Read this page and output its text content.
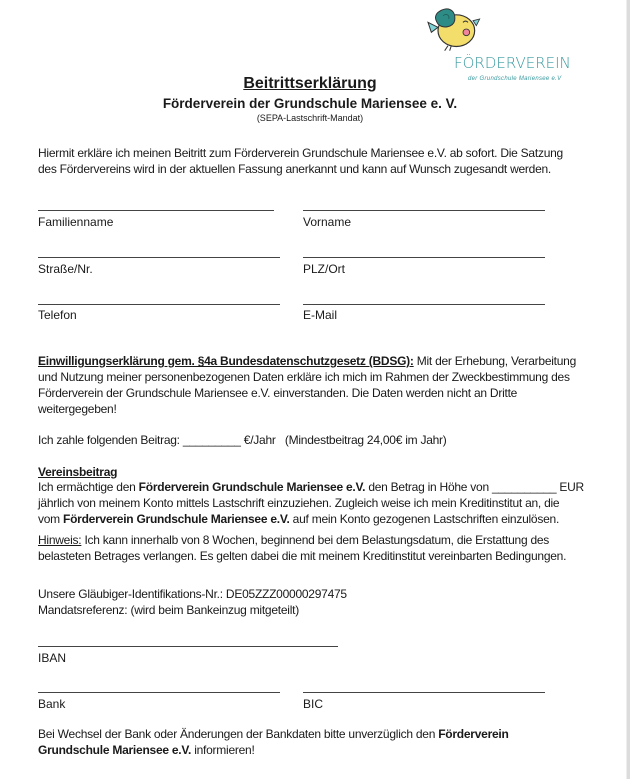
FÖRDERVEREIN
der Grundschule Mariensee e.V
Beitrittserklärung
Förderverein der Grundschule Mariensee e. V.
(SEPA-Lastschrift-Mandat)
Hiermit erkläre ich meinen Beitritt zum Förderverein Grundschule Mariensee e.V. ab sofort. Die Satzung
des Fördervereins wird in der aktuellen Fassung anerkannt und kann auf Wunsch zugesandt werden.
Familienname	Vorname
Straße/Nr.	PLZ/Ort
Telefon	E-Mail
Einwilligungserklärung gem. §4a Bundesdatenschutzgesetz (BDSG): Mit der Erhebung, Verarbeitung
und Nutzung meiner personenbezogenen Daten erkläre ich mich im Rahmen der Zweckbestimmung des
Förderverein der Grundschule Mariensee e.V. einverstanden. Die Daten werden nicht an Dritte
weitergegeben!
Ich zahle folgenden Beitrag: _________ €/Jahr (Mindestbeitrag 24,00€ im Jahr)
Vereinsbeitrag
Ich ermächtige den Förderverein Grundschule Mariensee e.V. den Betrag in Höhe von __________ EUR
jährlich von meinem Konto mittels Lastschrift einzuziehen. Zugleich weise ich mein Kreditinstitut an, die
vom Förderverein Grundschule Mariensee e.V. auf mein Konto gezogenen Lastschriften einzulösen.
Hinweis: Ich kann innerhalb von 8 Wochen, beginnend bei dem Belastungsdatum, die Erstattung des
belasteten Betrages verlangen. Es gelten dabei die mit meinem Kreditinstitut vereinbarten Bedingungen.
Unsere Gläubiger-Identifikations-Nr.: DE05ZZZ00000297475
Mandatsreferenz: (wird beim Bankeinzug mitgeteilt)
IBAN
Bank	BIC
Bei Wechsel der Bank oder Änderungen der Bankdaten bitte unverzüglich den Förderverein
Grundschule Mariensee e.V. informieren!
